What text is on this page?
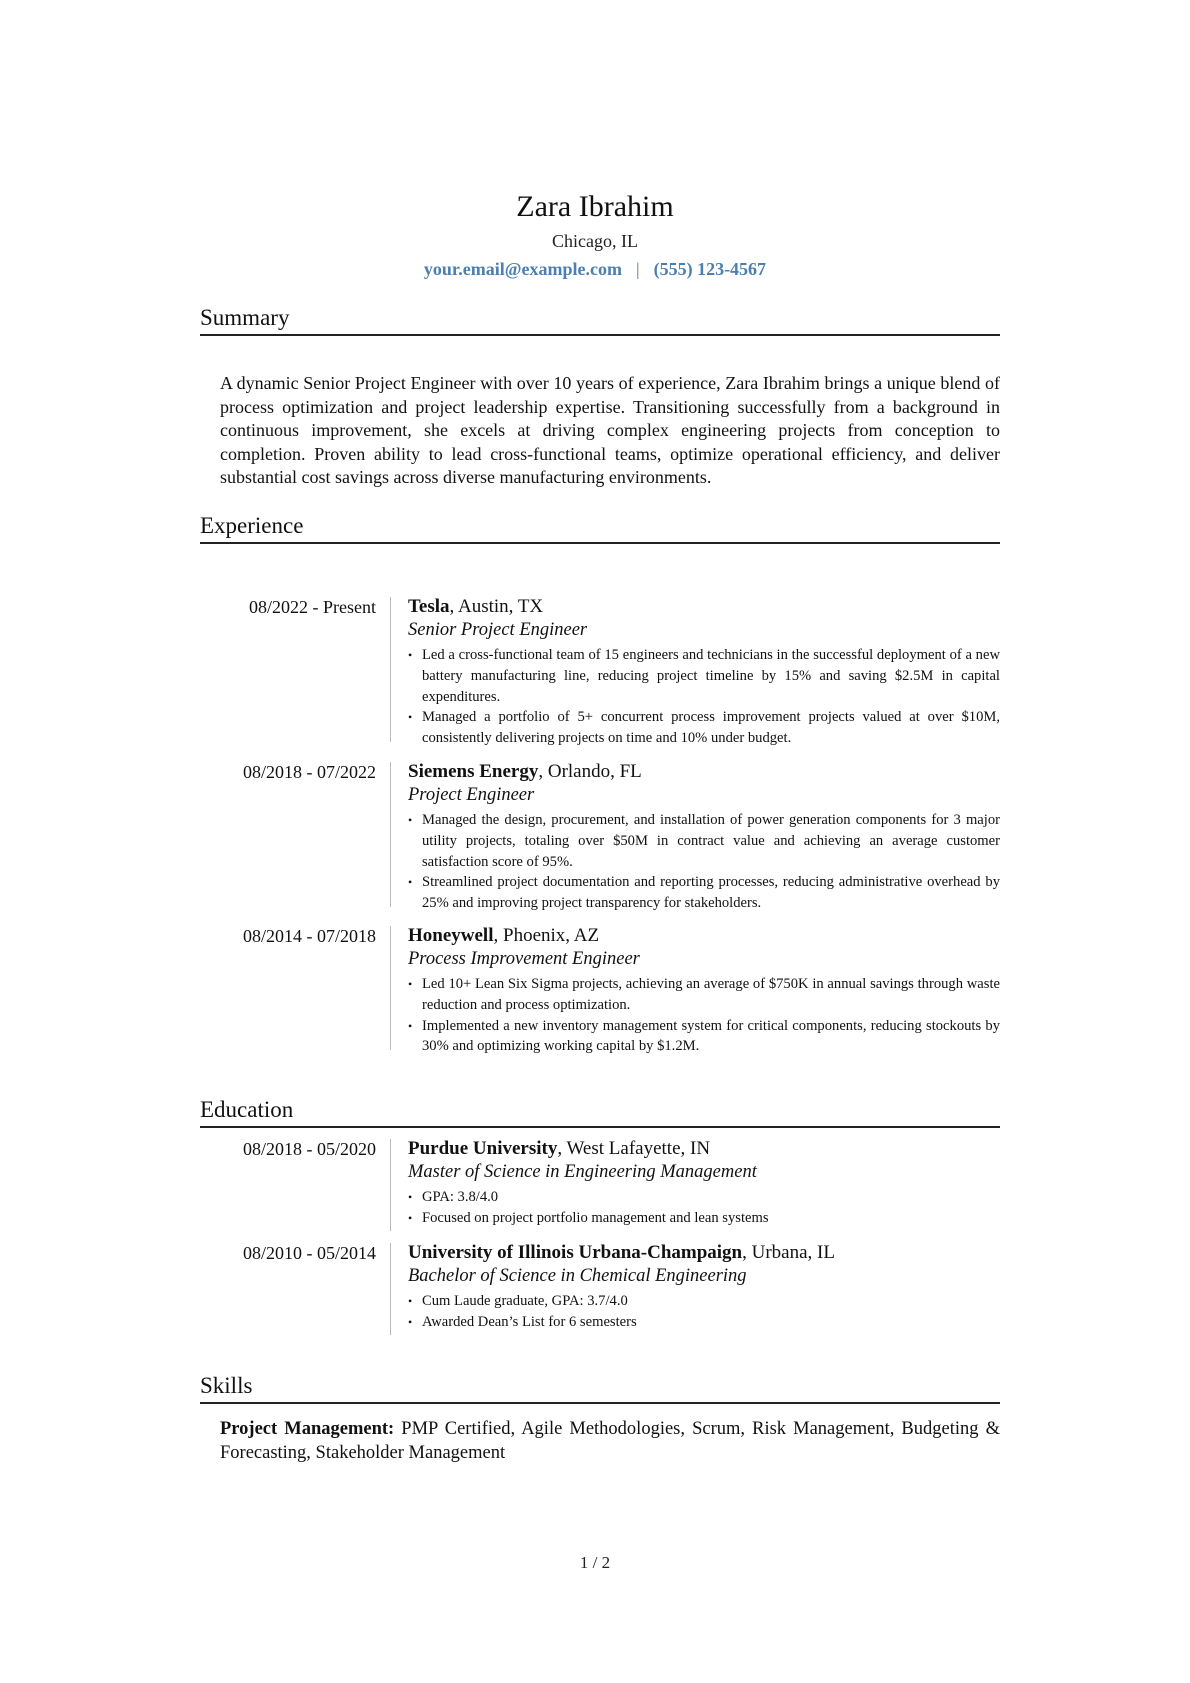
Zara Ibrahim
Chicago, IL
your.email@example.com | (555) 123-4567
Summary
A dynamic Senior Project Engineer with over 10 years of experience, Zara Ibrahim brings a unique blend of process optimization and project leadership expertise. Transitioning successfully from a background in continuous improvement, she excels at driving complex engineering projects from conception to completion. Proven ability to lead cross-functional teams, optimize operational efficiency, and deliver substantial cost savings across diverse manufacturing environments.
Experience
08/2022 - Present Tesla, Austin, TX
Senior Project Engineer
• Led a cross-functional team of 15 engineers and technicians in the successful deployment of a new battery manufacturing line, reducing project timeline by 15% and saving $2.5M in capital expenditures.
• Managed a portfolio of 5+ concurrent process improvement projects valued at over $10M, consistently delivering projects on time and 10% under budget.
08/2018 - 07/2022 Siemens Energy, Orlando, FL
Project Engineer
• Managed the design, procurement, and installation of power generation components for 3 major utility projects, totaling over $50M in contract value and achieving an average customer satisfaction score of 95%.
• Streamlined project documentation and reporting processes, reducing administrative overhead by 25% and improving project transparency for stakeholders.
08/2014 - 07/2018 Honeywell, Phoenix, AZ
Process Improvement Engineer
• Led 10+ Lean Six Sigma projects, achieving an average of $750K in annual savings through waste reduction and process optimization.
• Implemented a new inventory management system for critical components, reducing stockouts by 30% and optimizing working capital by $1.2M.
Education
08/2018 - 05/2020 Purdue University, West Lafayette, IN
Master of Science in Engineering Management
• GPA: 3.8/4.0
• Focused on project portfolio management and lean systems
08/2010 - 05/2014 University of Illinois Urbana-Champaign, Urbana, IL
Bachelor of Science in Chemical Engineering
• Cum Laude graduate, GPA: 3.7/4.0
• Awarded Dean’s List for 6 semesters
Skills
Project Management: PMP Certified, Agile Methodologies, Scrum, Risk Management, Budgeting & Forecasting, Stakeholder Management
1 / 2
